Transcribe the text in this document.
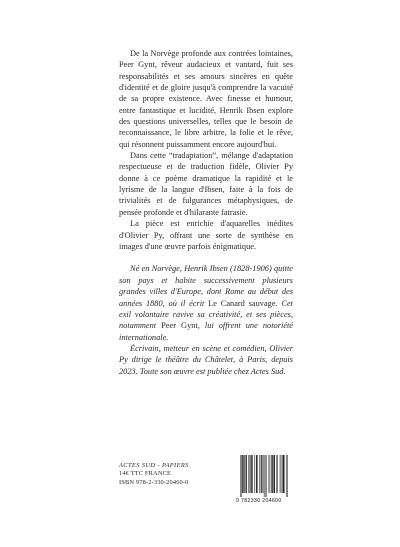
De la Norvège profonde aux contrées lointaines, Peer Gynt, rêveur audacieux et vantard, fuit ses responsabilités et ses amours sincères en quête d'identité et de gloire jusqu'à comprendre la vacuité de sa propre existence. Avec finesse et humour, entre fantastique et lucidité, Henrik Ibsen explore des questions universelles, telles que le besoin de reconnaissance, le libre arbitre, la folie et le rêve, qui résonnent puissamment encore aujourd'hui.

Dans cette “tradaptation”, mélange d'adaptation respectueuse et de traduction fidèle, Olivier Py donne à ce poème dramatique la rapidité et le lyrisme de la langue d'Ibsen, faite à la fois de trivialités et de fulgurances métaphysiques, de pensée profonde et d'hilarante fatrasie.

La pièce est enrichie d'aquarelles inédites d'Olivier Py, offrant une sorte de synthèse en images d'une œuvre parfois énigmatique.

Né en Norvège, Henrik Ibsen (1828-1906) quitte son pays et habite successivement plusieurs grandes villes d'Europe, dont Rome au début des années 1880, où il écrit Le Canard sauvage. Cet exil volontaire ravive sa créativité, et ses pièces, notamment Peer Gynt, lui offrent une notoriété internationale.

Écrivain, metteur en scène et comédien, Olivier Py dirige le théâtre du Châtelet, à Paris, depuis 2023. Toute son œuvre est publiée chez Actes Sud.

ACTES SUD - PAPIERS
14€ TTC FRANCE
ISBN 978-2-330-20460-0
9 782330 204600
